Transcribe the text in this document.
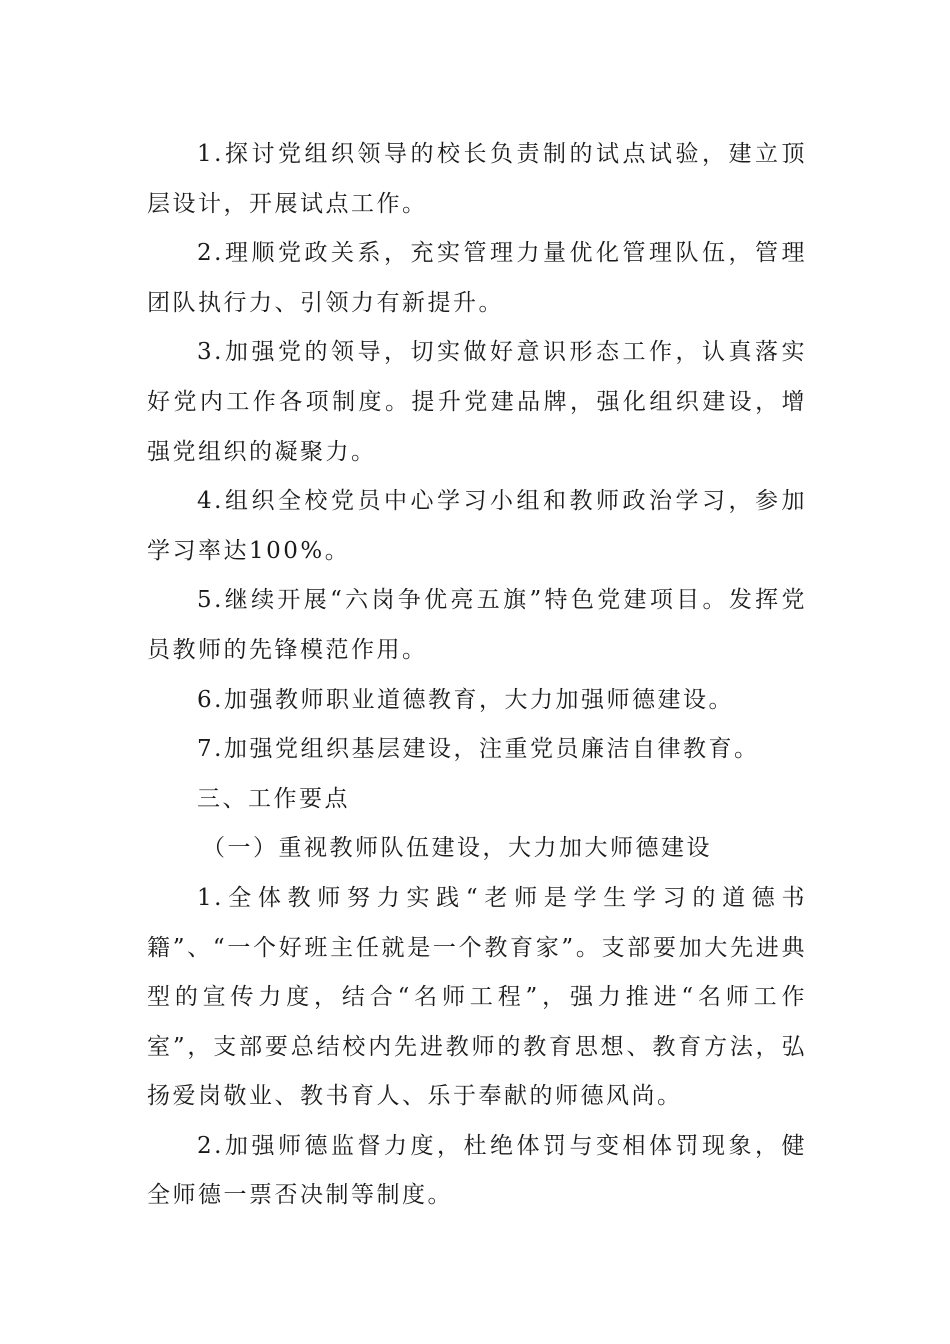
1.探讨党组织领导的校长负责制的试点试验，建立顶层设计，开展试点工作。

2.理顺党政关系，充实管理力量优化管理队伍，管理团队执行力、引领力有新提升。

3.加强党的领导，切实做好意识形态工作，认真落实好党内工作各项制度。提升党建品牌，强化组织建设，增强党组织的凝聚力。

4.组织全校党员中心学习小组和教师政治学习，参加学习率达100%。

5.继续开展“六岗争优亮五旗”特色党建项目。发挥党员教师的先锋模范作用。

6.加强教师职业道德教育，大力加强师德建设。

7.加强党组织基层建设，注重党员廉洁自律教育。

三、工作要点

（一）重视教师队伍建设，大力加大师德建设

1.全体教师努力实践“老师是学生学习的道德书籍”、“一个好班主任就是一个教育家”。支部要加大先进典型的宣传力度，结合“名师工程”，强力推进“名师工作室”，支部要总结校内先进教师的教育思想、教育方法，弘扬爱岗敬业、教书育人、乐于奉献的师德风尚。

2.加强师德监督力度，杜绝体罚与变相体罚现象，健全师德一票否决制等制度。
